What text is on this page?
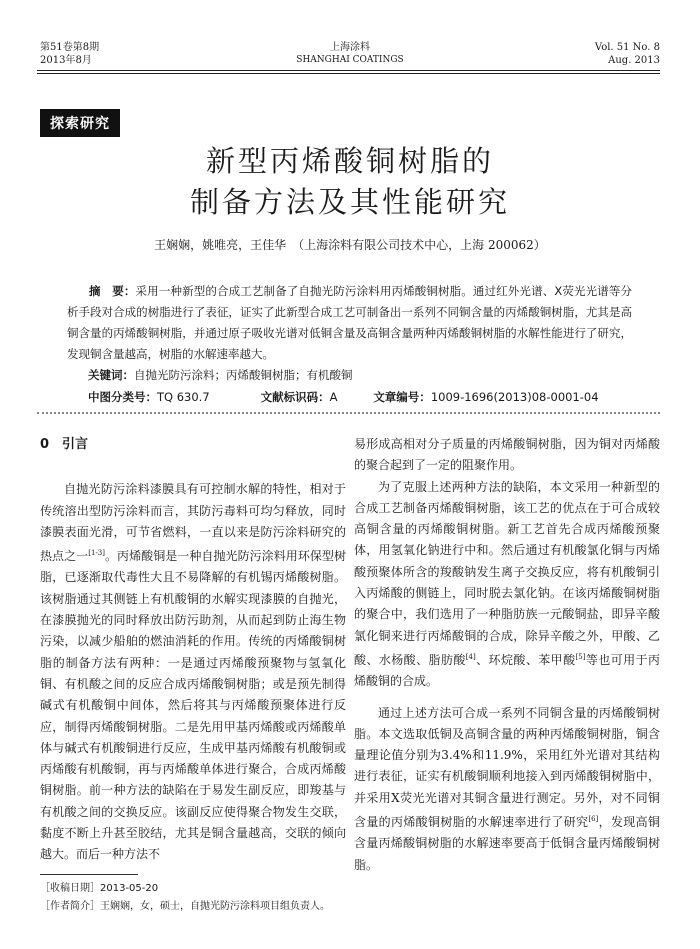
第51卷第8期
2013年8月
上海涂料
SHANGHAI COATINGS
Vol. 51 No. 8
Aug. 2013
探索研究
新型丙烯酸铜树脂的
制备方法及其性能研究
王娴娴，姚唯亮，王佳华　（上海涂料有限公司技术中心，上海 200062）
摘　要：采用一种新型的合成工艺制备了自抛光防污涂料用丙烯酸铜树脂。通过红外光谱、X荧光光谱等分析手段对合成的树脂进行了表征，证实了此新型合成工艺可制备出一系列不同铜含量的丙烯酸铜树脂，尤其是高铜含量的丙烯酸铜树脂，并通过原子吸收光谱对低铜含量及高铜含量两种丙烯酸铜树脂的水解性能进行了研究，发现铜含量越高，树脂的水解速率越大。
关键词：自抛光防污涂料；丙烯酸铜树脂；有机酸铜
中图分类号：TQ 630.7	文献标识码：A	文章编号：1009-1696(2013)08-0001-04
0　引言

自抛光防污涂料漆膜具有可控制水解的特性，相对于传统溶出型防污涂料而言，其防污毒料可均匀释放，同时漆膜表面光滑，可节省燃料，一直以来是防污涂料研究的热点之一[1-3]。丙烯酸铜是一种自抛光防污涂料用环保型树脂，已逐渐取代毒性大且不易降解的有机锡丙烯酸树脂。该树脂通过其侧链上有机酸铜的水解实现漆膜的自抛光，在漆膜抛光的同时释放出防污助剂，从而起到防止海生物污染，以减少船舶的燃油消耗的作用。传统的丙烯酸铜树脂的制备方法有两种：一是通过丙烯酸预聚物与氢氧化铜、有机酸之间的反应合成丙烯酸铜树脂；或是预先制得碱式有机酸铜中间体，然后将其与丙烯酸预聚体进行反应，制得丙烯酸铜树脂。二是先用甲基丙烯酸或丙烯酸单体与碱式有机酸铜进行反应，生成甲基丙烯酸有机酸铜或丙烯酸有机酸铜，再与丙烯酸单体进行聚合，合成丙烯酸铜树脂。前一种方法的缺陷在于易发生副反应，即羧基与有机酸之间的交换反应。该副反应使得聚合物发生交联，黏度不断上升甚至胶结，尤其是铜含量越高，交联的倾向越大。而后一种方法不

易形成高相对分子质量的丙烯酸铜树脂，因为铜对丙烯酸的聚合起到了一定的阻聚作用。

为了克服上述两种方法的缺陷，本文采用一种新型的合成工艺制备丙烯酸铜树脂，该工艺的优点在于可合成较高铜含量的丙烯酸铜树脂。新工艺首先合成丙烯酸预聚体，用氢氧化钠进行中和。然后通过有机酸氯化铜与丙烯酸预聚体所含的羧酸钠发生离子交换反应，将有机酸铜引入丙烯酸的侧链上，同时脱去氯化钠。在该丙烯酸铜树脂的聚合中，我们选用了一种脂肪族一元酸铜盐，即异辛酸氯化铜来进行丙烯酸铜的合成，除异辛酸之外，甲酸、乙酸、水杨酸、脂肪酸[4]、环烷酸、苯甲酸[5]等也可用于丙烯酸铜的合成。

通过上述方法可合成一系列不同铜含量的丙烯酸铜树脂。本文选取低铜及高铜含量的两种丙烯酸铜树脂，铜含量理论值分别为3.4%和11.9%，采用红外光谱对其结构进行表征，证实有机酸铜顺利地接入到丙烯酸铜树脂中，并采用X荧光光谱对其铜含量进行测定。另外，对不同铜含量的丙烯酸铜树脂的水解速率进行了研究[6]，发现高铜含量丙烯酸铜树脂的水解速率要高于低铜含量丙烯酸铜树脂。

［收稿日期］2013-05-20
［作者简介］王娴娴，女，硕士，自抛光防污涂料项目组负责人。
